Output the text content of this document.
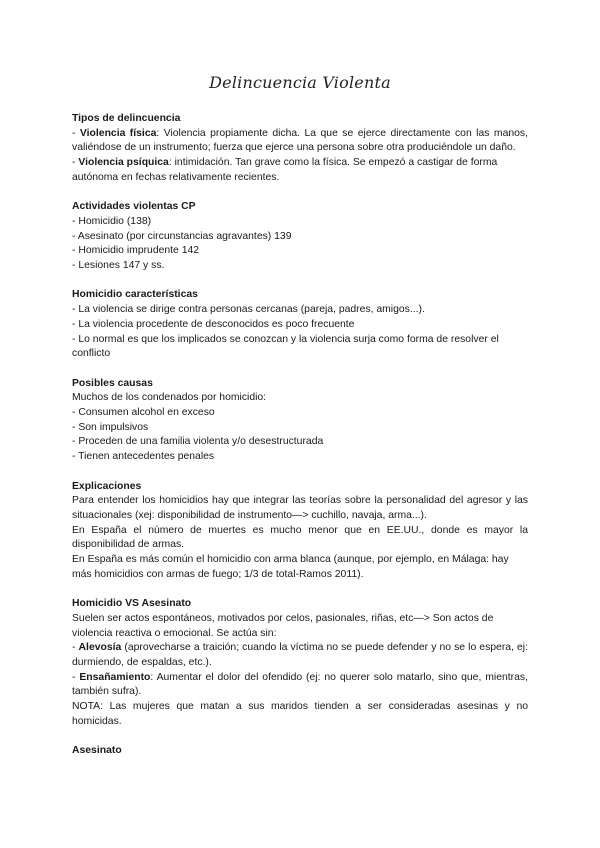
Delincuencia Violenta
Tipos de delincuencia

- Violencia física: Violencia propiamente dicha. La que se ejerce directamente con las manos, valiéndose de un instrumento; fuerza que ejerce una persona sobre otra produciéndole un daño.

- Violencia psíquica: intimidación. Tan grave como la física. Se empezó a castigar de forma autónoma en fechas relativamente recientes.

Actividades violentas CP

- Homicidio (138)

- Asesinato (por circunstancias agravantes) 139

- Homicidio imprudente 142

- Lesiones 147 y ss.

Homicidio características

- La violencia se dirige contra personas cercanas (pareja, padres, amigos...).

- La violencia procedente de desconocidos es poco frecuente

- Lo normal es que los implicados se conozcan y la violencia surja como forma de resolver el conflicto

Posibles causas

Muchos de los condenados por homicidio:

- Consumen alcohol en exceso

- Son impulsivos

- Proceden de una familia violenta y/o desestructurada

- Tienen antecedentes penales

Explicaciones

Para entender los homicidios hay que integrar las teorías sobre la personalidad del agresor y las situacionales (xej: disponibilidad de instrumento—> cuchillo, navaja, arma...).

En España el número de muertes es mucho menor que en EE.UU., donde es mayor la disponibilidad de armas.

En España es más común el homicidio con arma blanca (aunque, por ejemplo, en Málaga: hay más homicidios con armas de fuego; 1/3 de total-Ramos 2011).

Homicidio VS Asesinato

Suelen ser actos espontáneos, motivados por celos, pasionales, riñas, etc—> Son actos de violencia reactiva o emocional. Se actúa sin:

- Alevosía (aprovecharse a traición; cuando la víctima no se puede defender y no se lo espera, ej: durmiendo, de espaldas, etc.).

- Ensañamiento: Aumentar el dolor del ofendido (ej: no querer solo matarlo, sino que, mientras, también sufra).

NOTA: Las mujeres que matan a sus maridos tienden a ser consideradas asesinas y no homicidas.

Asesinato
